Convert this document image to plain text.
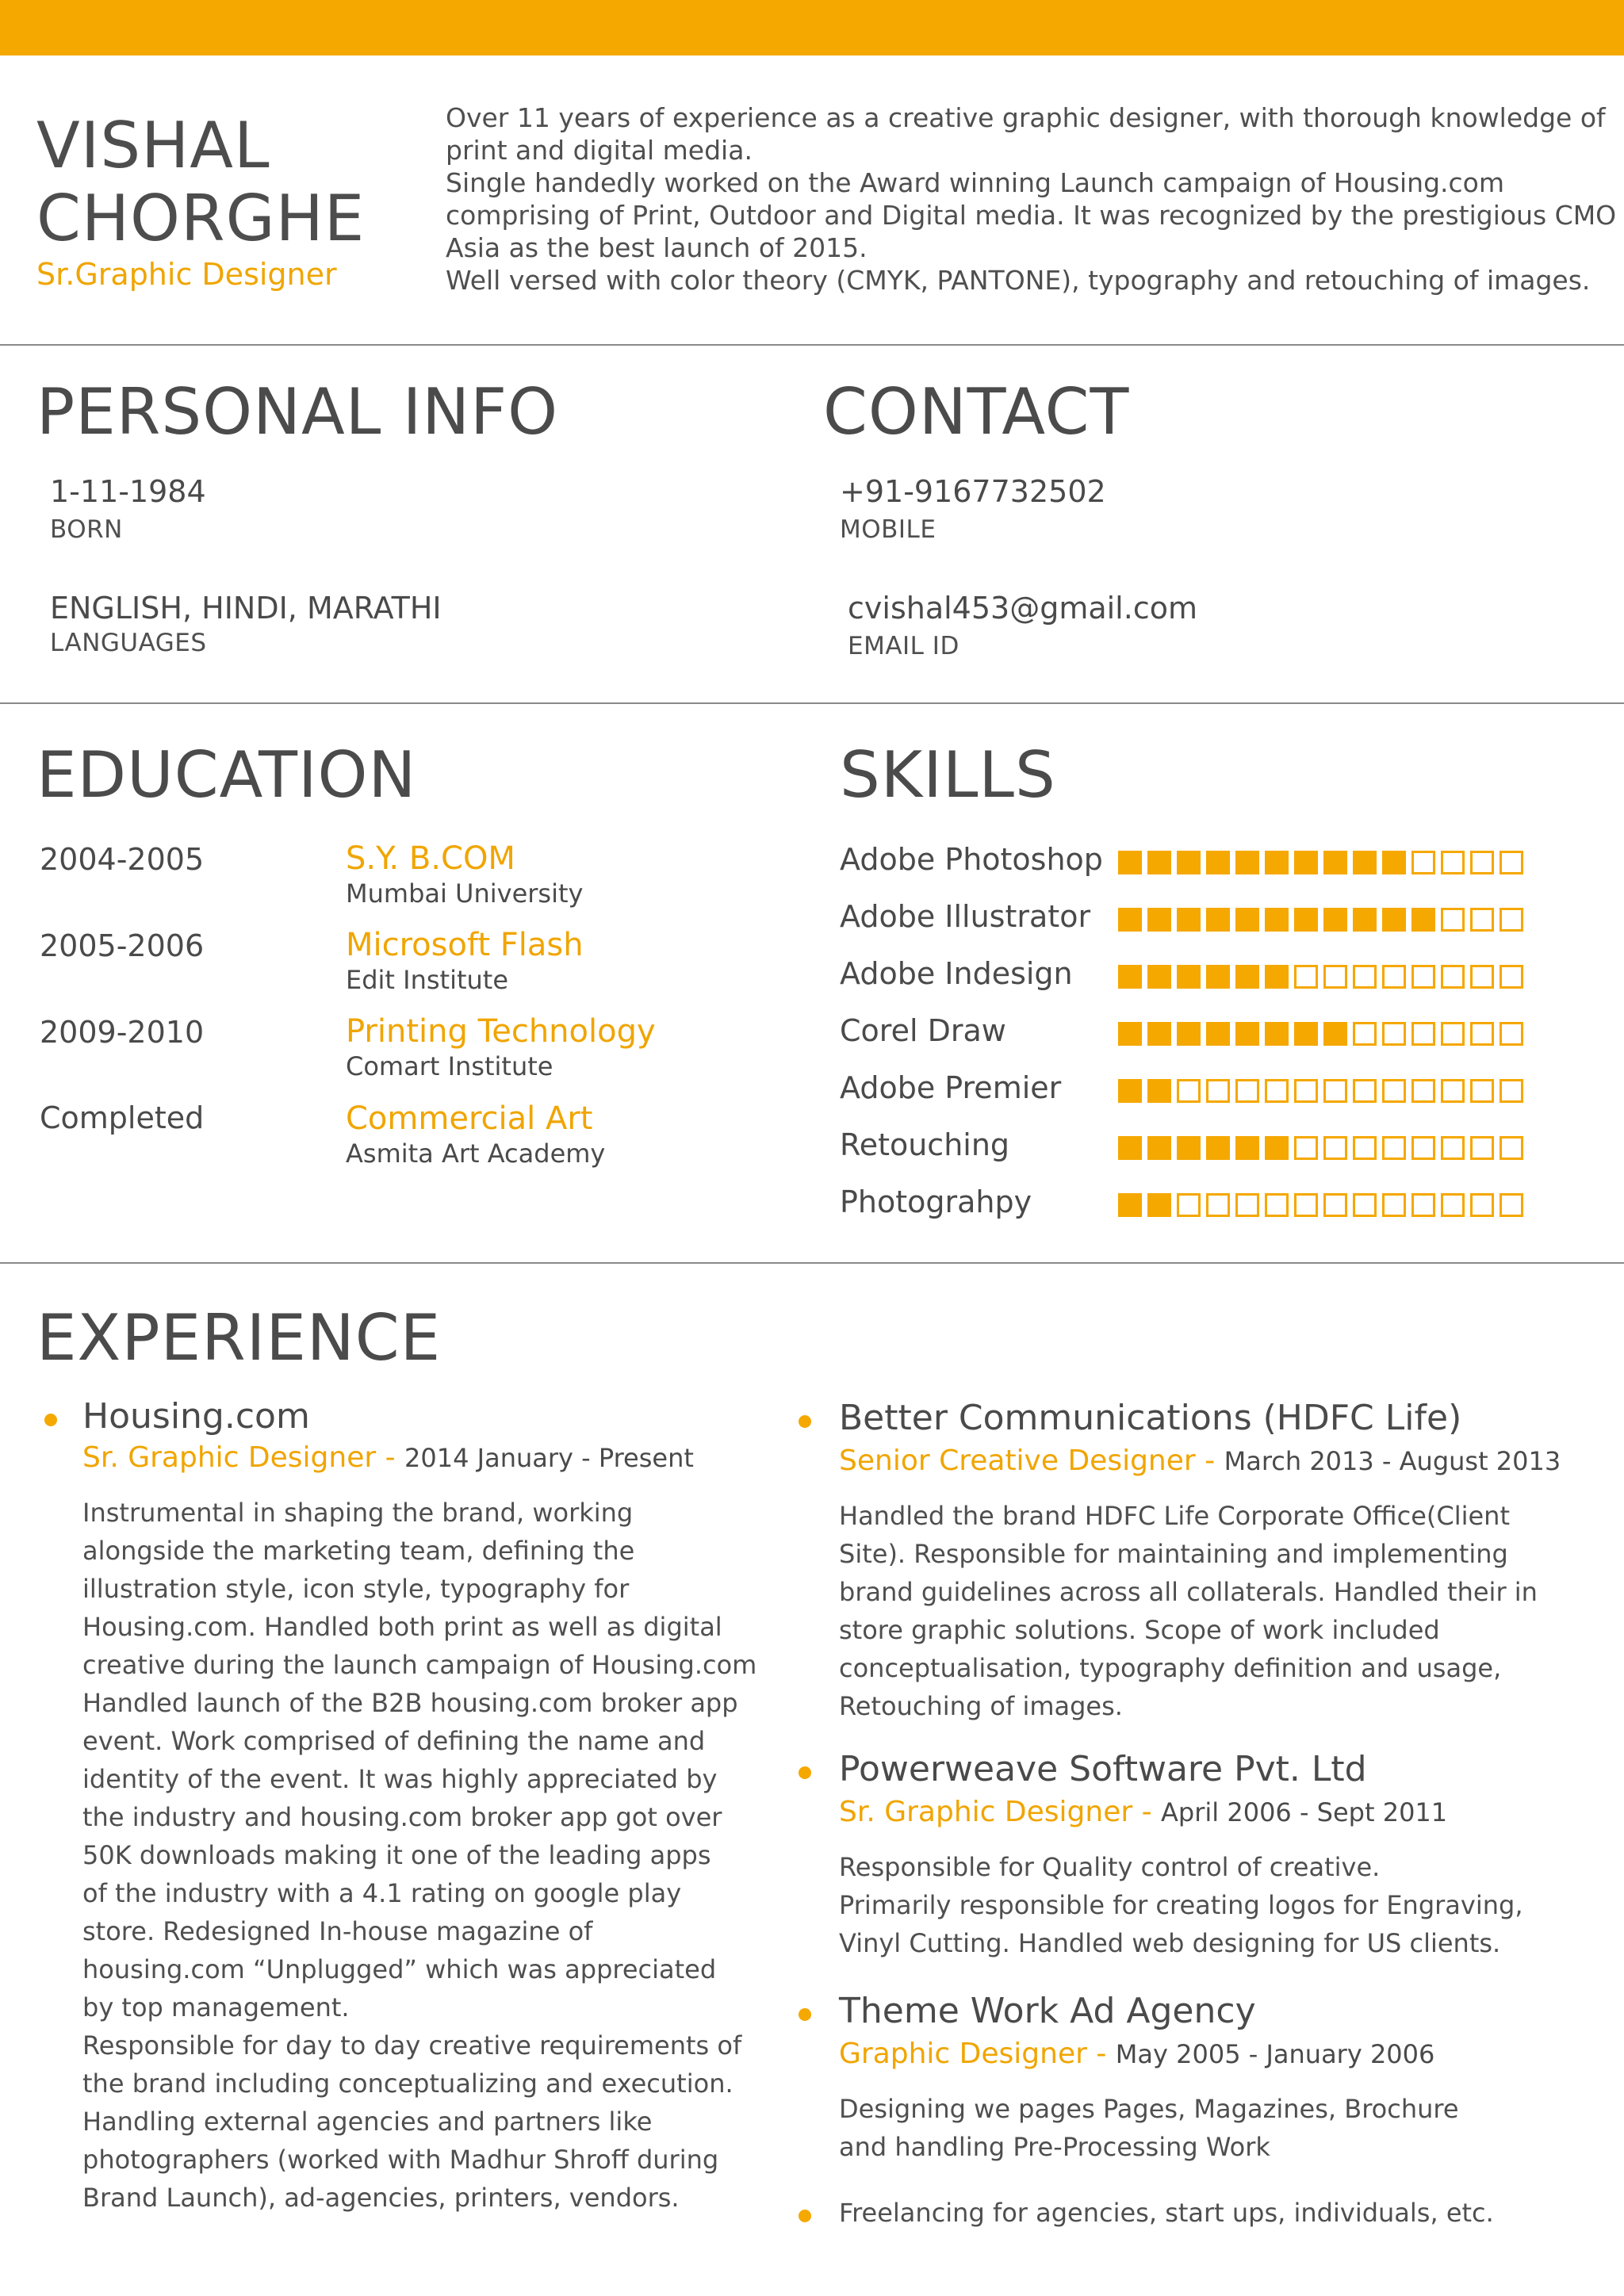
VISHAL
CHORGHE
Sr.Graphic Designer
Over 11 years of experience as a creative graphic designer, with thorough knowledge of
print and digital media.
Single handedly worked on the Award winning Launch campaign of Housing.com
comprising of Print, Outdoor and Digital media. It was recognized by the prestigious CMO
Asia as the best launch of 2015.
Well versed with color theory (CMYK, PANTONE), typography and retouching of images.
PERSONAL INFO
1-11-1984
BORN
ENGLISH, HINDI, MARATHI
LANGUAGES
CONTACT
+91-9167732502
MOBILE
cvishal453@gmail.com
EMAIL ID
EDUCATION
2004-2005	S.Y. B.COM
Mumbai University
2005-2006	Microsoft Flash
Edit Institute
2009-2010	Printing Technology
Comart Institute
Completed	Commercial Art
Asmita Art Academy
SKILLS
Adobe Photoshop
Adobe Illustrator
Adobe Indesign
Corel Draw
Adobe Premier
Retouching
Photograhpy
EXPERIENCE
Housing.com
Sr. Graphic Designer - 2014 January - Present
Instrumental in shaping the brand, working
alongside the marketing team, defining the
illustration style, icon style, typography for
Housing.com. Handled both print as well as digital
creative during the launch campaign of Housing.com
Handled launch of the B2B housing.com broker app
event. Work comprised of defining the name and
identity of the event. It was highly appreciated by
the industry and housing.com broker app got over
50K downloads making it one of the leading apps
of the industry with a 4.1 rating on google play
store. Redesigned In-house magazine of
housing.com “Unplugged” which was appreciated
by top management.
Responsible for day to day creative requirements of
the brand including conceptualizing and execution.
Handling external agencies and partners like
photographers (worked with Madhur Shroff during
Brand Launch), ad-agencies, printers, vendors.
Better Communications (HDFC Life)
Senior Creative Designer - March 2013 - August 2013
Handled the brand HDFC Life Corporate Office(Client
Site). Responsible for maintaining and implementing
brand guidelines across all collaterals. Handled their in
store graphic solutions. Scope of work included
conceptualisation, typography definition and usage,
Retouching of images.
Powerweave Software Pvt. Ltd
Sr. Graphic Designer - April 2006 - Sept 2011
Responsible for Quality control of creative.
Primarily responsible for creating logos for Engraving,
Vinyl Cutting. Handled web designing for US clients.
Theme Work Ad Agency
Graphic Designer - May 2005 - January 2006
Designing we pages Pages, Magazines, Brochure
and handling Pre-Processing Work
Freelancing for agencies, start ups, individuals, etc.
